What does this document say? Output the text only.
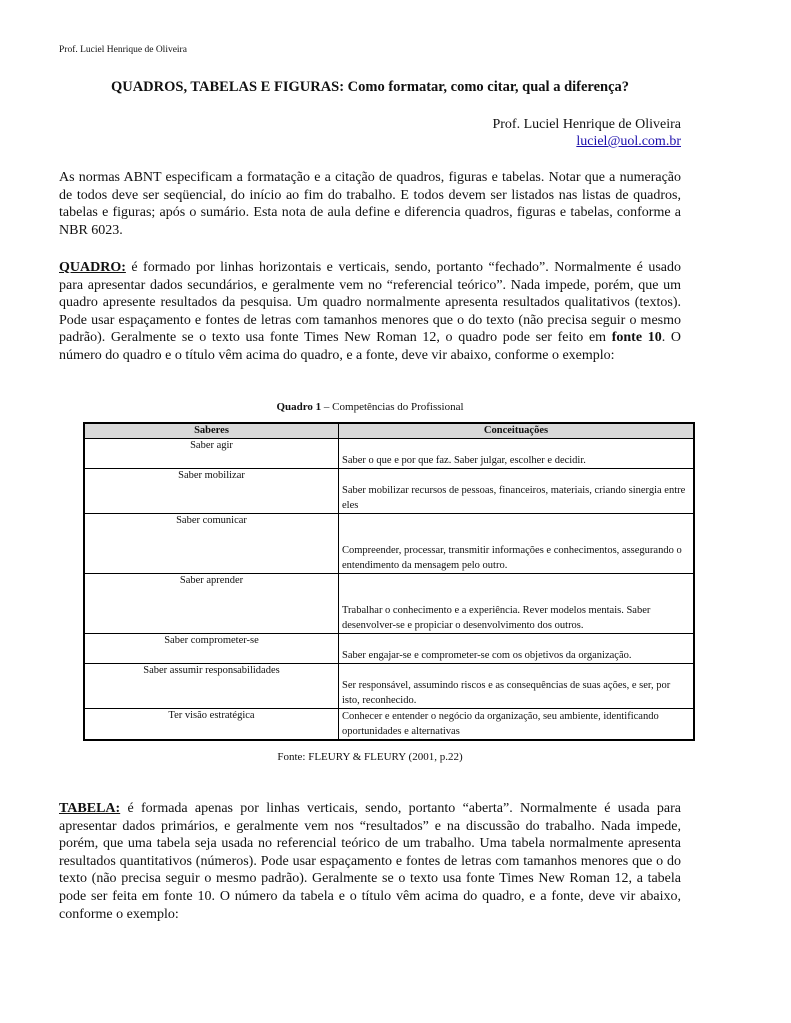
Prof. Luciel Henrique de Oliveira
QUADROS, TABELAS E FIGURAS: Como formatar, como citar, qual a diferença?
Prof. Luciel Henrique de Oliveira
luciel@uol.com.br

As normas ABNT especificam a formatação e a citação de quadros, figuras e tabelas. Notar que a numeração de todos deve ser seqüencial, do início ao fim do trabalho. E todos devem ser listados nas listas de quadros, tabelas e figuras; após o sumário. Esta nota de aula define e diferencia quadros, figuras e tabelas, conforme a NBR 6023.

QUADRO: é formado por linhas horizontais e verticais, sendo, portanto “fechado”. Normalmente é usado para apresentar dados secundários, e geralmente vem no “referencial teórico”. Nada impede, porém, que um quadro apresente resultados da pesquisa. Um quadro normalmente apresenta resultados qualitativos (textos). Pode usar espaçamento e fontes de letras com tamanhos menores que o do texto (não precisa seguir o mesmo padrão). Geralmente se o texto usa fonte Times New Roman 12, o quadro pode ser feito em fonte 10. O número do quadro e o título vêm acima do quadro, e a fonte, deve vir abaixo, conforme o exemplo:

Quadro 1 – Competências do Profissional
Saberes	Conceituações
Saber agir	Saber o que e por que faz. Saber julgar, escolher e decidir.
Saber mobilizar	Saber mobilizar recursos de pessoas, financeiros, materiais, criando sinergia entre eles
Saber comunicar	Compreender, processar, transmitir informações e conhecimentos, assegurando o entendimento da mensagem pelo outro.
Saber aprender	Trabalhar o conhecimento e a experiência. Rever modelos mentais. Saber desenvolver-se e propiciar o desenvolvimento dos outros.
Saber comprometer-se	Saber engajar-se e comprometer-se com os objetivos da organização.
Saber assumir responsabilidades	Ser responsável, assumindo riscos e as consequências de suas ações, e ser, por isto, reconhecido.
Ter visão estratégica	Conhecer e entender o negócio da organização, seu ambiente, identificando oportunidades e alternativas
Fonte: FLEURY & FLEURY (2001, p.22)

TABELA: é formada apenas por linhas verticais, sendo, portanto “aberta”. Normalmente é usada para apresentar dados primários, e geralmente vem nos “resultados” e na discussão do trabalho. Nada impede, porém, que uma tabela seja usada no referencial teórico de um trabalho. Uma tabela normalmente apresenta resultados quantitativos (números). Pode usar espaçamento e fontes de letras com tamanhos menores que o do texto (não precisa seguir o mesmo padrão). Geralmente se o texto usa fonte Times New Roman 12, a tabela pode ser feita em fonte 10. O número da tabela e o título vêm acima do quadro, e a fonte, deve vir abaixo, conforme o exemplo:
